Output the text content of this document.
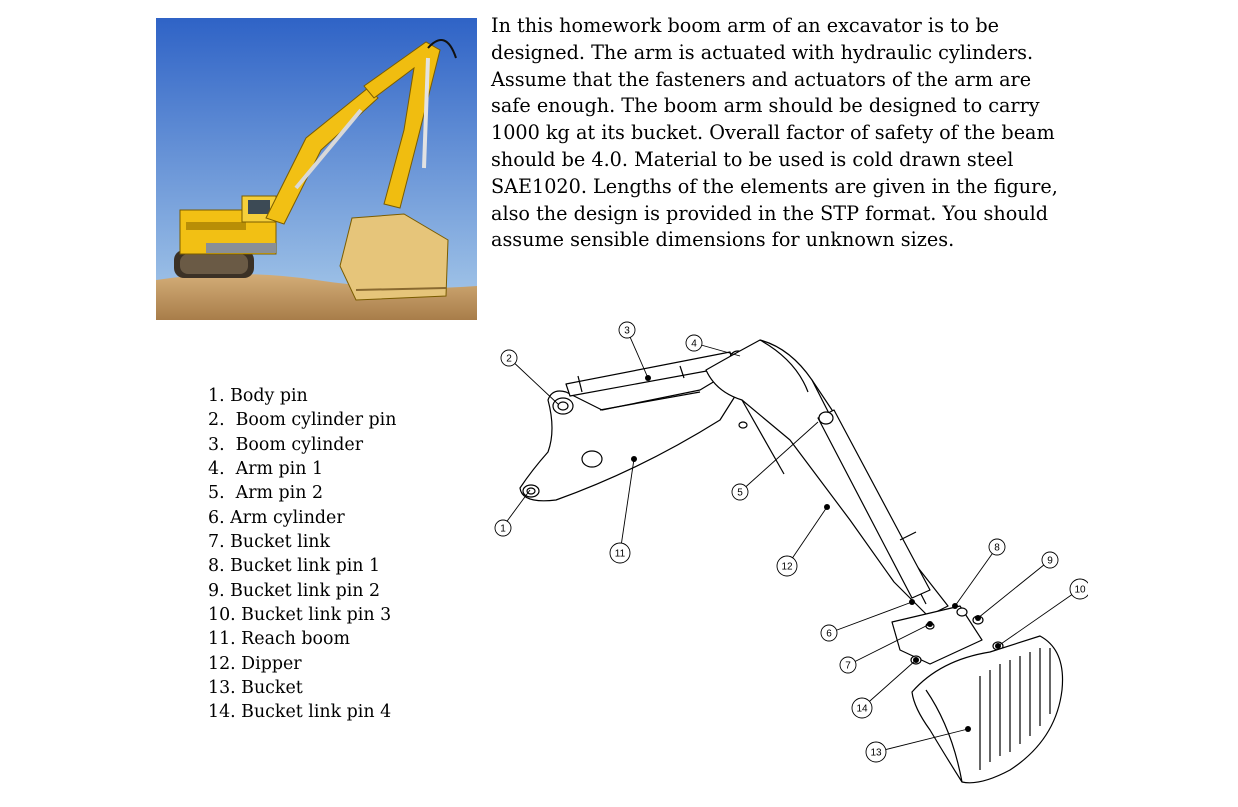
In this homework boom arm of an excavator is to be designed. The arm is actuated with hydraulic cylinders. Assume that the fasteners and actuators of the arm are safe enough. The boom arm should be designed to carry 1000 kg at its bucket. Overall factor of safety of the beam should be 4.0. Material to be used is cold drawn steel SAE1020. Lengths of the elements are given in the figure, also the design is provided in the STP format. You should assume sensible dimensions for unknown sizes.

1. Body pin
2.  Boom cylinder pin
3.  Boom cylinder
4.  Arm pin 1
5.  Arm pin 2
6. Arm cylinder
7. Bucket link
8. Bucket link pin 1
9. Bucket link pin 2
10. Bucket link pin 3
11. Reach boom
12. Dipper
13. Bucket
14. Bucket link pin 4
1
2
3
4
5
6
7
8
9
10
11
12
13
14
